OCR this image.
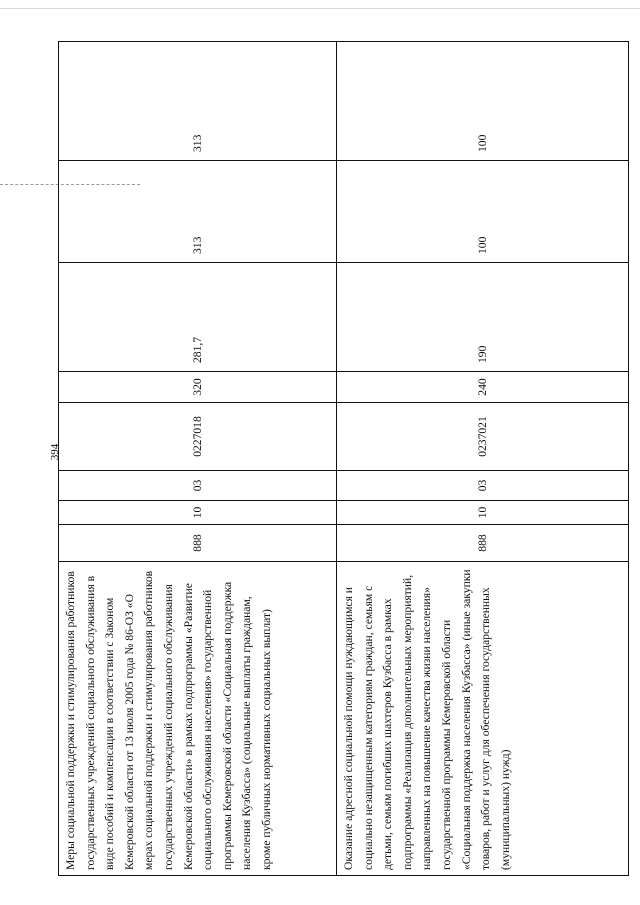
394
Меры социальной поддержки и стимулирования работников государственных учреждений социального обслуживания в виде пособий и компенсации в соответствии с Законом Кемеровской области от 13 июля 2005 года № 86-ОЗ «О мерах социальной поддержки и стимулирования работников государственных учреждений социального обслуживания Кемеровской области» в рамках подпрограммы «Развитие социального обслуживания населения» государственной программы Кемеровской области «Социальная поддержка населения Кузбасса» (социальные выплаты гражданам, кроме публичных нормативных социальных выплат)	888	10	03	0227018	320	281,7	313	313
Оказание адресной социальной помощи нуждающимся и социально незащищенным категориям граждан, семьям с детьми, семьям погибших шахтеров Кузбасса в рамках подпрограммы «Реализация дополнительных мероприятий, направленных на повышение качества жизни населения» государственной программы Кемеровской области «Социальная поддержка населения Кузбасса» (иные закупки товаров, работ и услуг для обеспечения государственных (муниципальных) нужд)	888	10	03	0237021	240	190	100	100
